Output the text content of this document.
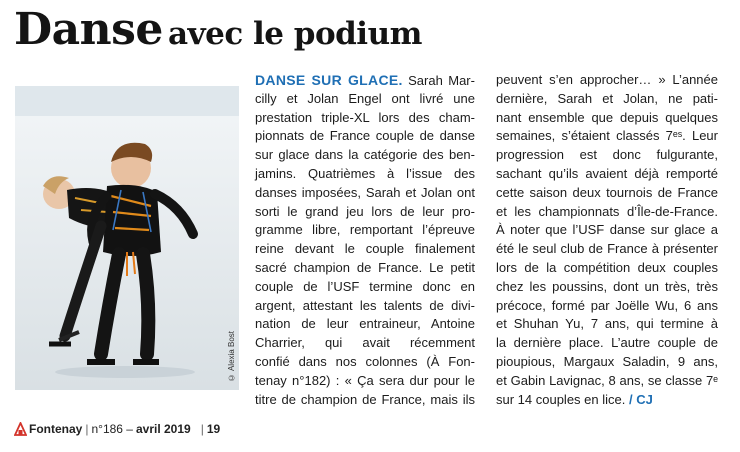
Danse avec le podium
© Alexia Bost
DANSE SUR GLACE. Sarah Mar-
cilly et Jolan Engel ont livré une
prestation triple-XL lors des cham-
pionnats de France couple de danse
sur glace dans la catégorie des ben-
jamins. Quatrièmes à l’issue des
danses imposées, Sarah et Jolan ont
sorti le grand jeu lors de leur pro-
gramme libre, remportant l’épreuve
reine devant le couple finalement
sacré champion de France. Le petit
couple de l’USF termine donc en
argent, attestant les talents de divi-
nation de leur entraineur, Antoine
Charrier, qui avait récemment
confié dans nos colonnes (À Fon-
tenay n°182) : « Ça sera dur pour le
titre de champion de France, mais ils
peuvent s’en approcher… » L’année
dernière, Sarah et Jolan, ne pati-
nant ensemble que depuis quelques
semaines, s’étaient classés 7ᵉˢ. Leur
progression est donc fulgurante,
sachant qu’ils avaient déjà remporté
cette saison deux tournois de France
et les championnats d’Île-de-France.
À noter que l’USF danse sur glace a
été le seul club de France à présenter
lors de la compétition deux couples
chez les poussins, dont un très, très
précoce, formé par Joëlle Wu, 6 ans
et Shuhan Yu, 7 ans, qui termine à
la dernière place. L’autre couple de
pioupious, Margaux Saladin, 9 ans,
et Gabin Lavignac, 8 ans, se classe 7ᵉ
sur 14 couples en lice. / CJ
Fontenay | n°186 – avril 2019 | 19
